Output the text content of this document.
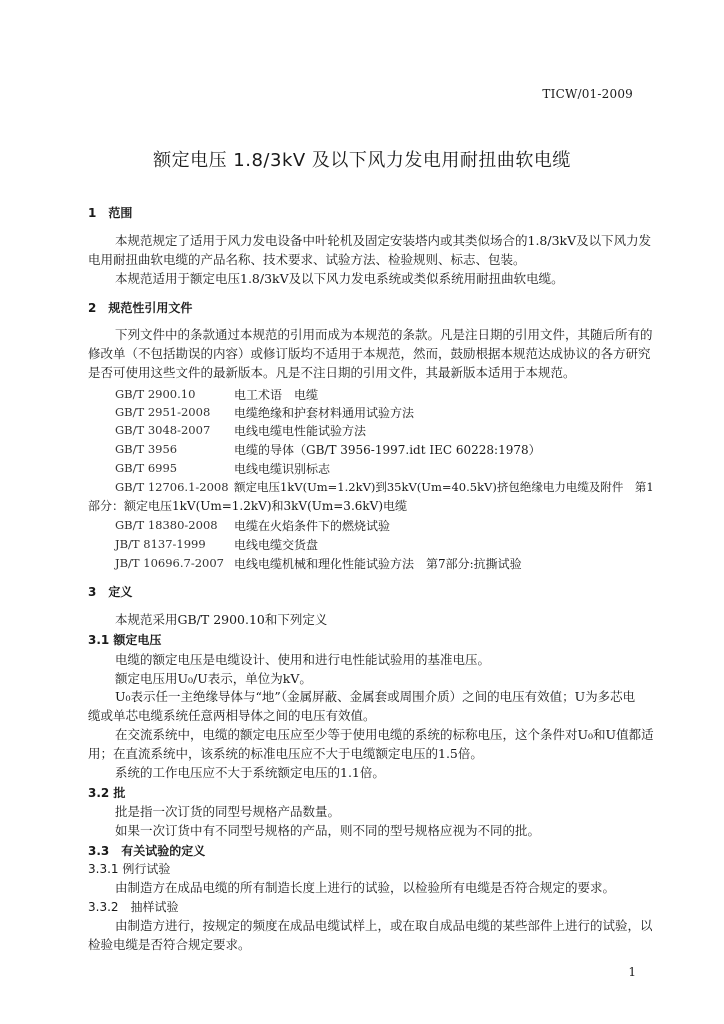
TICW/01-2009
额定电压 1.8/3kV 及以下风力发电用耐扭曲软电缆
1　范围
本规范规定了适用于风力发电设备中叶轮机及固定安装塔内或其类似场合的1.8/3kV及以下风力发
电用耐扭曲软电缆的产品名称、技术要求、试验方法、检验规则、标志、包装。
本规范适用于额定电压1.8/3kV及以下风力发电系统或类似系统用耐扭曲软电缆。
2　规范性引用文件
下列文件中的条款通过本规范的引用而成为本规范的条款。凡是注日期的引用文件，其随后所有的
修改单（不包括勘误的内容）或修订版均不适用于本规范，然而，鼓励根据本规范达成协议的各方研究
是否可使用这些文件的最新版本。凡是不注日期的引用文件，其最新版本适用于本规范。
GB/T 2900.10	电工术语　电缆
GB/T 2951-2008 电缆绝缘和护套材料通用试验方法
GB/T 3048-2007 电线电缆电性能试验方法
GB/T 3956	电缆的导体（GB/T 3956-1997.idt IEC 60228:1978）
GB/T 6995	电线电缆识别标志
GB/T 12706.1-2008 额定电压1kV(Um=1.2kV)到35kV(Um=40.5kV)挤包绝缘电力电缆及附件　第1
部分：额定电压1kV(Um=1.2kV)和3kV(Um=3.6kV)电缆
GB/T 18380-2008 电缆在火焰条件下的燃烧试验
JB/T 8137-1999 电线电缆交货盘
JB/T 10696.7-2007 电线电缆机械和理化性能试验方法　第7部分:抗撕试验
3　定义
本规范采用GB/T 2900.10和下列定义
3.1 额定电压
电缆的额定电压是电缆设计、使用和进行电性能试验用的基准电压。
额定电压用U₀/U表示，单位为kV。
U₀表示任一主绝缘导体与“地”（金属屏蔽、金属套或周围介质）之间的电压有效值；U为多芯电
缆或单芯电缆系统任意两相导体之间的电压有效值。
在交流系统中，电缆的额定电压应至少等于使用电缆的系统的标称电压，这个条件对U₀和U值都适
用；在直流系统中，该系统的标准电压应不大于电缆额定电压的1.5倍。
系统的工作电压应不大于系统额定电压的1.1倍。
3.2 批
批是指一次订货的同型号规格产品数量。
如果一次订货中有不同型号规格的产品，则不同的型号规格应视为不同的批。
3.3　有关试验的定义
3.3.1 例行试验
由制造方在成品电缆的所有制造长度上进行的试验，以检验所有电缆是否符合规定的要求。
3.3.2　抽样试验
由制造方进行，按规定的频度在成品电缆试样上，或在取自成品电缆的某些部件上进行的试验，以
检验电缆是否符合规定要求。
1
